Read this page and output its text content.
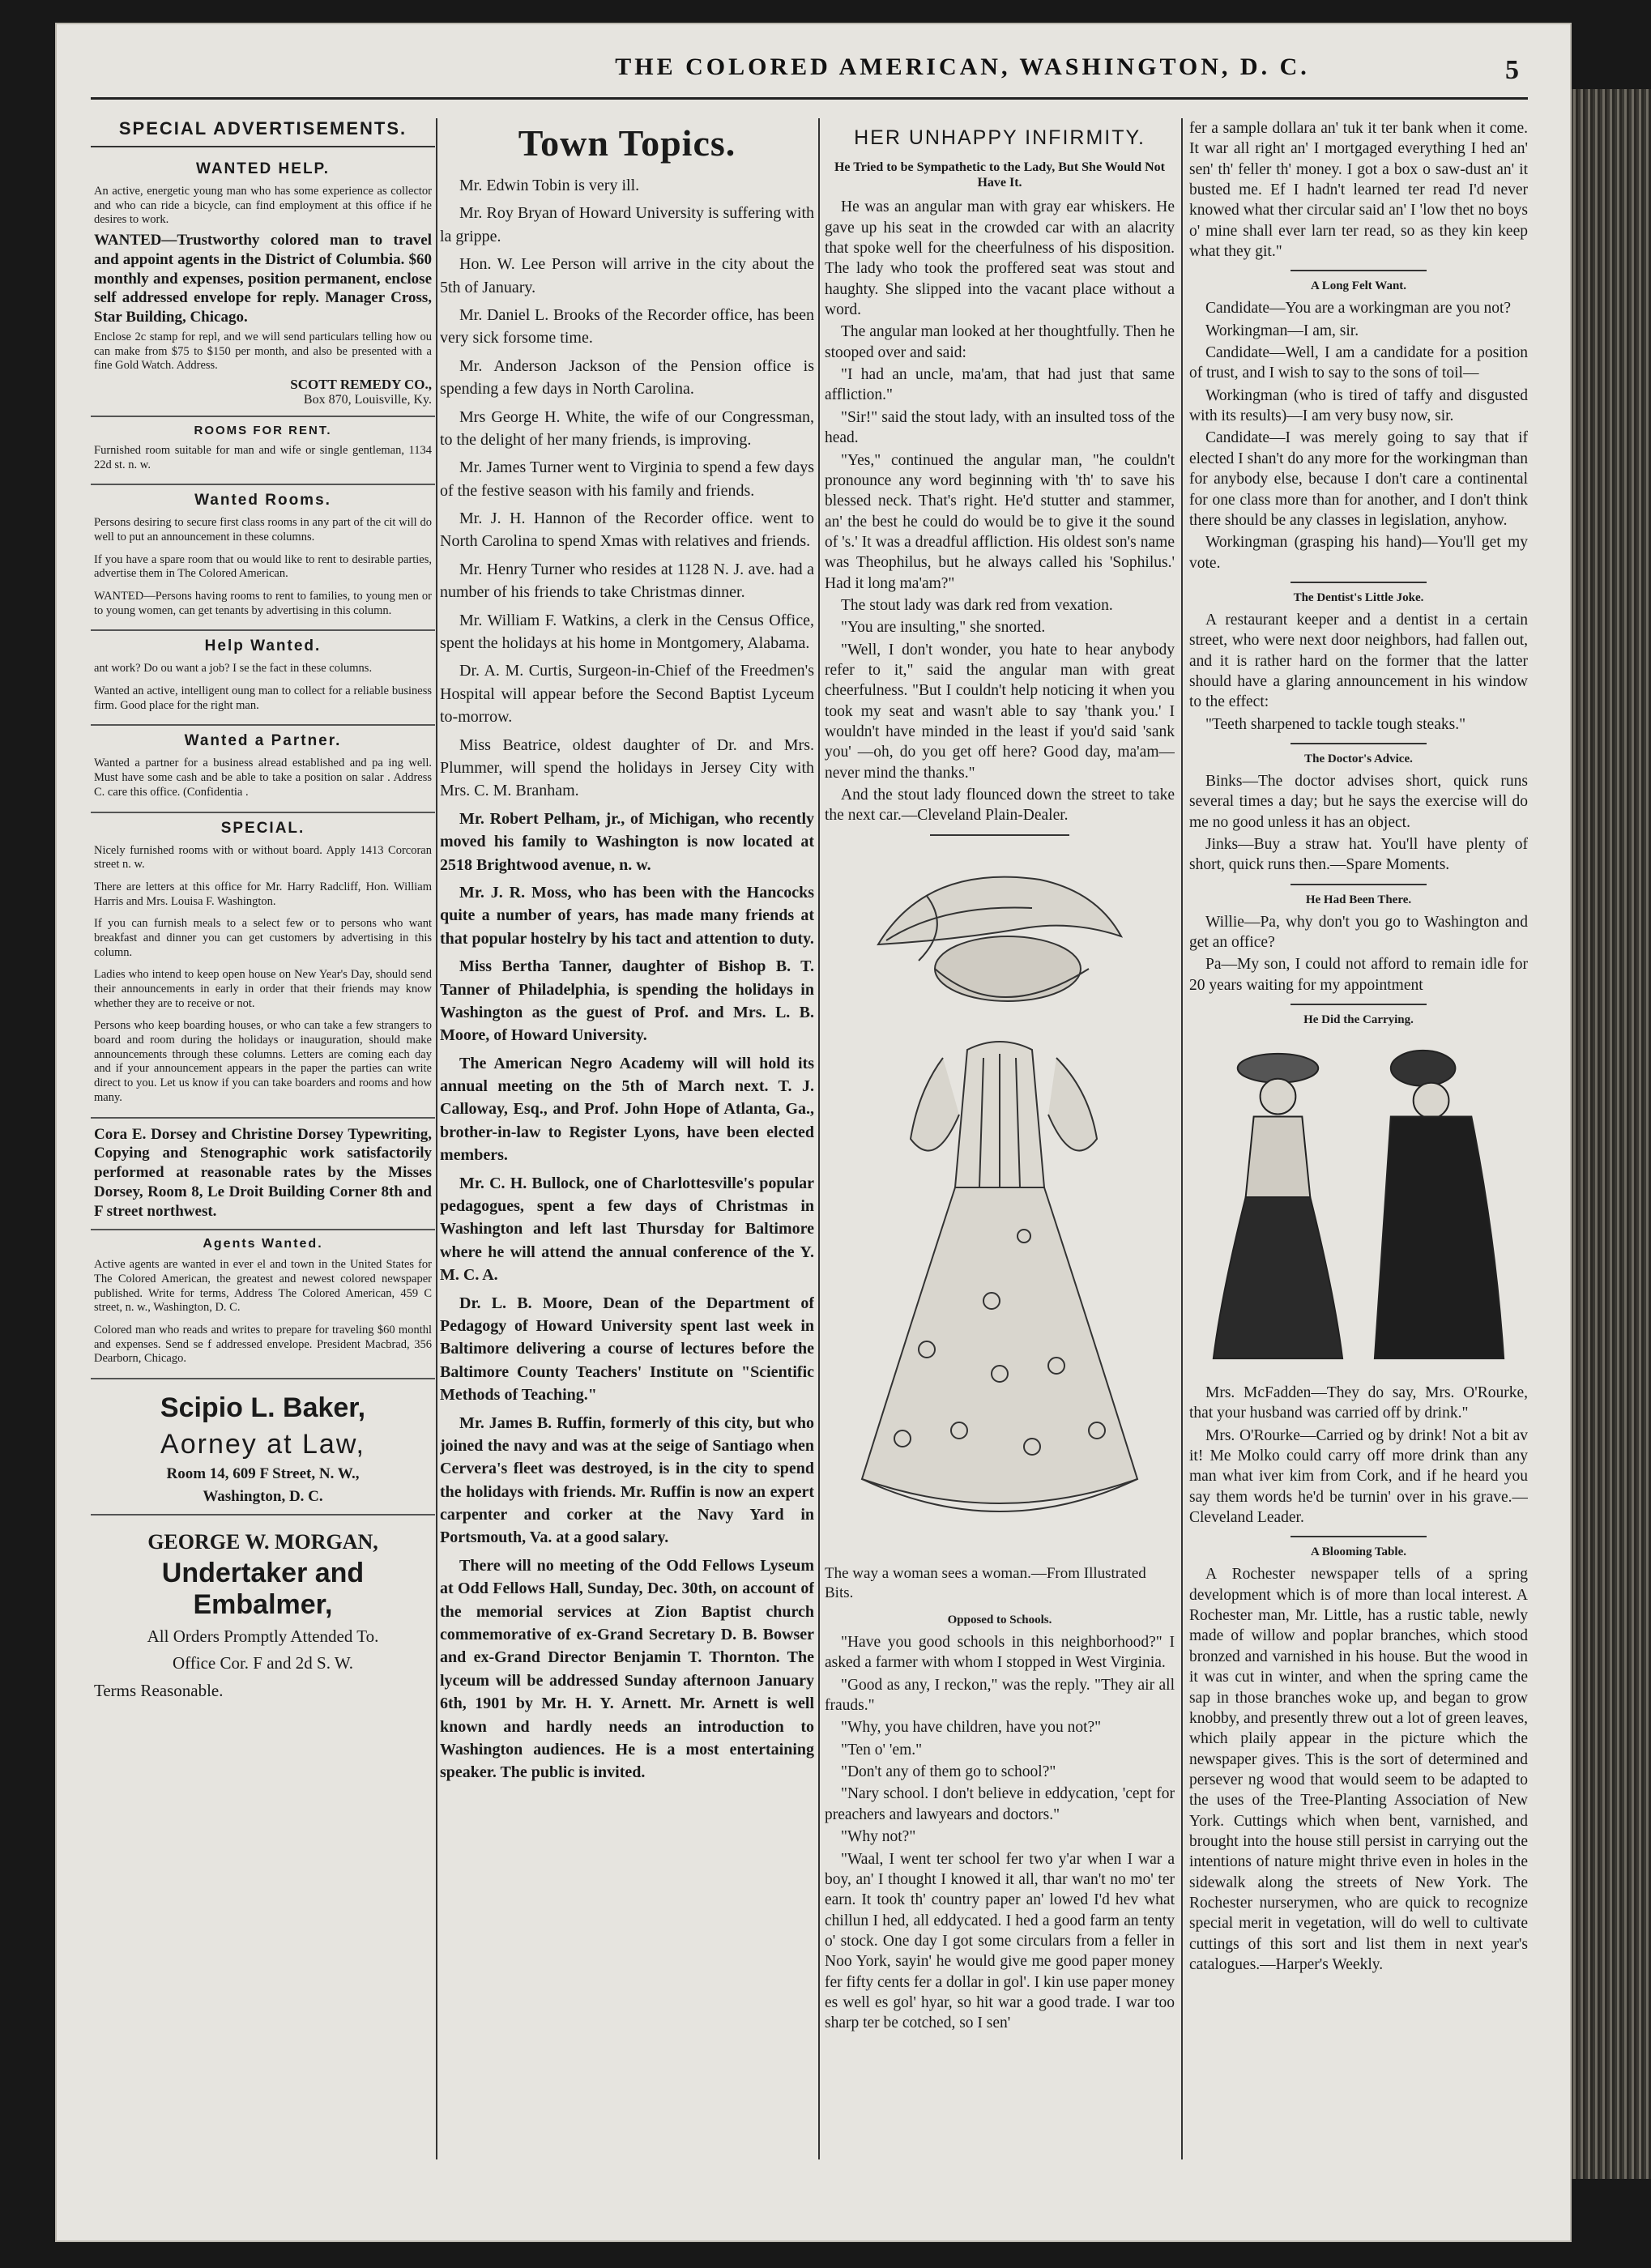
THE COLORED AMERICAN, WASHINGTON, D. C.	5
SPECIAL ADVERTISEMENTS.
WANTED HELP.
An active, energetic young man who has some experience as collector and who can ride a bicycle, can find employment at this office if he desires to work.
WANTED—Trustworthy colored man to travel and appoint agents in the District of Columbia. $60 monthly and expenses, position permanent, enclose self addressed envelope for reply. Manager Cross, Star Building, Chicago.
Enclose 2c stamp for repl, and we will send particulars telling how ou can make from $75 to $150 per month, and also be presented with a fine Gold Watch. Address.
SCOTT REMEDY CO.,
Box 870, Louisville, Ky.
ROOMS FOR RENT.
Furnished room suitable for man and wife or single gentleman, 1134 22d st. n. w.
Wanted Rooms.
Persons desiring to secure first class rooms in any part of the cit will do well to put an announcement in these columns.
If you have a spare room that ou would like to rent to desirable parties, advertise them in The Colored American.
WANTED—Persons having rooms to rent to families, to young men or to young women, can get tenants by advertising in this column.
Help Wanted.
ant work? Do ou want a job? I se the fact in these columns.
Wanted an active, intelligent oung man to collect for a reliable business firm. Good place for the right man.
Wanted a Partner.
Wanted a partner for a business alread established and pa ing well. Must have some cash and be able to take a position on salar . Address C. care this office. (Confidentia .
SPECIAL.
Nicely furnished rooms with or without board. Apply 1413 Corcoran street n. w.
There are letters at this office for Mr. Harry Radcliff, Hon. William Harris and Mrs. Louisa F. Washington.
If you can furnish meals to a select few or to persons who want breakfast and dinner you can get customers by advertising in this column.
Ladies who intend to keep open house on New Year's Day, should send their announcements in early in order that their friends may know whether they are to receive or not.
Persons who keep boarding houses, or who can take a few strangers to board and room during the holidays or inauguration, should make announcements through these columns. Letters are coming each day and if your announcement appears in the paper the parties can write direct to you. Let us know if you can take boarders and rooms and how many.
Cora E. Dorsey and Christine Dorsey Typewriting, Copying and Stenographic work satisfactorily performed at reasonable rates by the Misses Dorsey, Room 8, Le Droit Building Corner 8th and F street northwest.
Agents Wanted.
Active agents are wanted in ever el and town in the United States for The Colored American, the greatest and newest colored newspaper published. Write for terms, Address The Colored American, 459 C street, n. w., Washington, D. C.
Colored man who reads and writes to prepare for traveling $60 monthl and expenses. Send se f addressed envelope. President Macbrad, 356 Dearborn, Chicago.
Scipio L. Baker,
Aorney at Law,
Room 14, 609 F Street, N. W.,
Washington, D. C.
GEORGE W. MORGAN,
Undertaker and Embalmer,
All Orders Promptly Attended To.
Office Cor. F and 2d S. W.
Terms Reasonable.
Town Topics.

Mr. Edwin Tobin is very ill.

Mr. Roy Bryan of Howard University is suffering with la grippe.

Hon. W. Lee Person will arrive in the city about the 5th of January.

Mr. Daniel L. Brooks of the Recorder office, has been very sick forsome time.

Mr. Anderson Jackson of the Pension office is spending a few days in North Carolina.

Mrs George H. White, the wife of our Congressman, to the delight of her many friends, is improving.

Mr. James Turner went to Virginia to spend a few days of the festive season with his family and friends.

Mr. J. H. Hannon of the Recorder office. went to North Carolina to spend Xmas with relatives and friends.

Mr. Henry Turner who resides at 1128 N. J. ave. had a number of his friends to take Christmas dinner.

Mr. William F. Watkins, a clerk in the Census Office, spent the holidays at his home in Montgomery, Alabama.

Dr. A. M. Curtis, Surgeon-in-Chief of the Freedmen's Hospital will appear before the Second Baptist Lyceum to-morrow.

Miss Beatrice, oldest daughter of Dr. and Mrs. Plummer, will spend the holidays in Jersey City with Mrs. C. M. Branham.

Mr. Robert Pelham, jr., of Michigan, who recently moved his family to Washington is now located at 2518 Brightwood avenue, n. w.

Mr. J. R. Moss, who has been with the Hancocks quite a number of years, has made many friends at that popular hostelry by his tact and attention to duty.

Miss Bertha Tanner, daughter of Bishop B. T. Tanner of Philadelphia, is spending the holidays in Washington as the guest of Prof. and Mrs. L. B. Moore, of Howard University.

The American Negro Academy will will hold its annual meeting on the 5th of March next. T. J. Calloway, Esq., and Prof. John Hope of Atlanta, Ga., brother-in-law to Register Lyons, have been elected members.

Mr. C. H. Bullock, one of Charlottesville's popular pedagogues, spent a few days of Christmas in Washington and left last Thursday for Baltimore where he will attend the annual conference of the Y. M. C. A.

Dr. L. B. Moore, Dean of the Department of Pedagogy of Howard University spent last week in Baltimore delivering a course of lectures before the Baltimore County Teachers' Institute on "Scientific Methods of Teaching."

Mr. James B. Ruffin, formerly of this city, but who joined the navy and was at the seige of Santiago when Cervera's fleet was destroyed, is in the city to spend the holidays with friends. Mr. Ruffin is now an expert carpenter and corker at the Navy Yard in Portsmouth, Va. at a good salary.

There will no meeting of the Odd Fellows Lyseum at Odd Fellows Hall, Sunday, Dec. 30th, on account of the memorial services at Zion Baptist church commemorative of ex-Grand Secretary D. B. Bowser and ex-Grand Director Benjamin T. Thornton. The lyceum will be addressed Sunday afternoon January 6th, 1901 by Mr. H. Y. Arnett. Mr. Arnett is well known and hardly needs an introduction to Washington audiences. He is a most entertaining speaker. The public is invited.

HER UNHAPPY INFIRMITY.
He Tried to be Sympathetic to the Lady, But She Would Not Have It.

He was an angular man with gray ear whiskers. He gave up his seat in the crowded car with an alacrity that spoke well for the cheerfulness of his disposition. The lady who took the proffered seat was stout and haughty. She slipped into the vacant place without a word.

The angular man looked at her thoughtfully. Then he stooped over and said:

"I had an uncle, ma'am, that had just that same affliction."

"Sir!" said the stout lady, with an insulted toss of the head.

"Yes," continued the angular man, "he couldn't pronounce any word beginning with 'th' to save his blessed neck. That's right. He'd stutter and stammer, an' the best he could do would be to give it the sound of 's.' It was a dreadful affliction. His oldest son's name was Theophilus, but he always called his 'Sophilus.' Had it long ma'am?"

The stout lady was dark red from vexation.

"You are insulting," she snorted.

"Well, I don't wonder, you hate to hear anybody refer to it," said the angular man with great cheerfulness. "But I couldn't help noticing it when you took my seat and wasn't able to say 'thank you.' I wouldn't have minded in the least if you'd said 'sank you' —oh, do you get off here? Good day, ma'am—never mind the thanks."

And the stout lady flounced down the street to take the next car.—Cleveland Plain-Dealer.

The way a woman sees a woman.—From Illustrated Bits.
Opposed to Schools.

"Have you good schools in this neighborhood?" I asked a farmer with whom I stopped in West Virginia.

"Good as any, I reckon," was the reply. "They air all frauds."

"Why, you have children, have you not?"

"Ten o' 'em."

"Don't any of them go to school?"

"Nary school. I don't believe in eddycation, 'cept for preachers and lawyears and doctors."

"Why not?"

"Waal, I went ter school fer two y'ar when I war a boy, an' I thought I knowed it all, thar wan't no mo' ter earn. It took th' country paper an' lowed I'd hev what chillun I hed, all eddycated. I hed a good farm an tenty o' stock. One day I got some circulars from a feller in Noo York, sayin' he would give me good paper money fer fifty cents fer a dollar in gol'. I kin use paper money es well es gol' hyar, so hit war a good trade. I war too sharp ter be cotched, so I sen'

fer a sample dollara an' tuk it ter bank when it come. It war all right an' I mortgaged everything I hed an' sen' th' feller th' money. I got a box o saw-dust an' it busted me. Ef I hadn't learned ter read I'd never knowed what ther circular said an' I 'low thet no boys o' mine shall ever larn ter read, so as they kin keep what they git."

A Long Felt Want.

Candidate—You are a workingman are you not?

Workingman—I am, sir.

Candidate—Well, I am a candidate for a position of trust, and I wish to say to the sons of toil—

Workingman (who is tired of taffy and disgusted with its results)—I am very busy now, sir.

Candidate—I was merely going to say that if elected I shan't do any more for the workingman than for anybody else, because I don't care a continental for one class more than for another, and I don't think there should be any classes in legislation, anyhow.

Workingman (grasping his hand)—You'll get my vote.

The Dentist's Little Joke.

A restaurant keeper and a dentist in a certain street, who were next door neighbors, had fallen out, and it is rather hard on the former that the latter should have a glaring announcement in his window to the effect:

"Teeth sharpened to tackle tough steaks."

The Doctor's Advice.

Binks—The doctor advises short, quick runs several times a day; but he says the exercise will do me no good unless it has an object.

Jinks—Buy a straw hat. You'll have plenty of short, quick runs then.—Spare Moments.

He Had Been There.

Willie—Pa, why don't you go to Washington and get an office?

Pa—My son, I could not afford to remain idle for 20 years waiting for my appointment

He Did the Carrying.

Mrs. McFadden—They do say, Mrs. O'Rourke, that your husband was carried off by drink."

Mrs. O'Rourke—Carried og by drink! Not a bit av it! Me Molko could carry off more drink than any man what iver kim from Cork, and if he heard you say them words he'd be turnin' over in his grave.—Cleveland Leader.

A Blooming Table.

A Rochester newspaper tells of a spring development which is of more than local interest. A Rochester man, Mr. Little, has a rustic table, newly made of willow and poplar branches, which stood bronzed and varnished in his house. But the wood in it was cut in winter, and when the spring came the sap in those branches woke up, and began to grow knobby, and presently threw out a lot of green leaves, which plaily appear in the picture which the newspaper gives. This is the sort of determined and persever ng wood that would seem to be adapted to the uses of the Tree-Planting Association of New York. Cuttings which when bent, varnished, and brought into the house still persist in carrying out the intentions of nature might thrive even in holes in the sidewalk along the streets of New York. The Rochester nurserymen, who are quick to recognize special merit in vegetation, will do well to cultivate cuttings of this sort and list them in next year's catalogues.—Harper's Weekly.
